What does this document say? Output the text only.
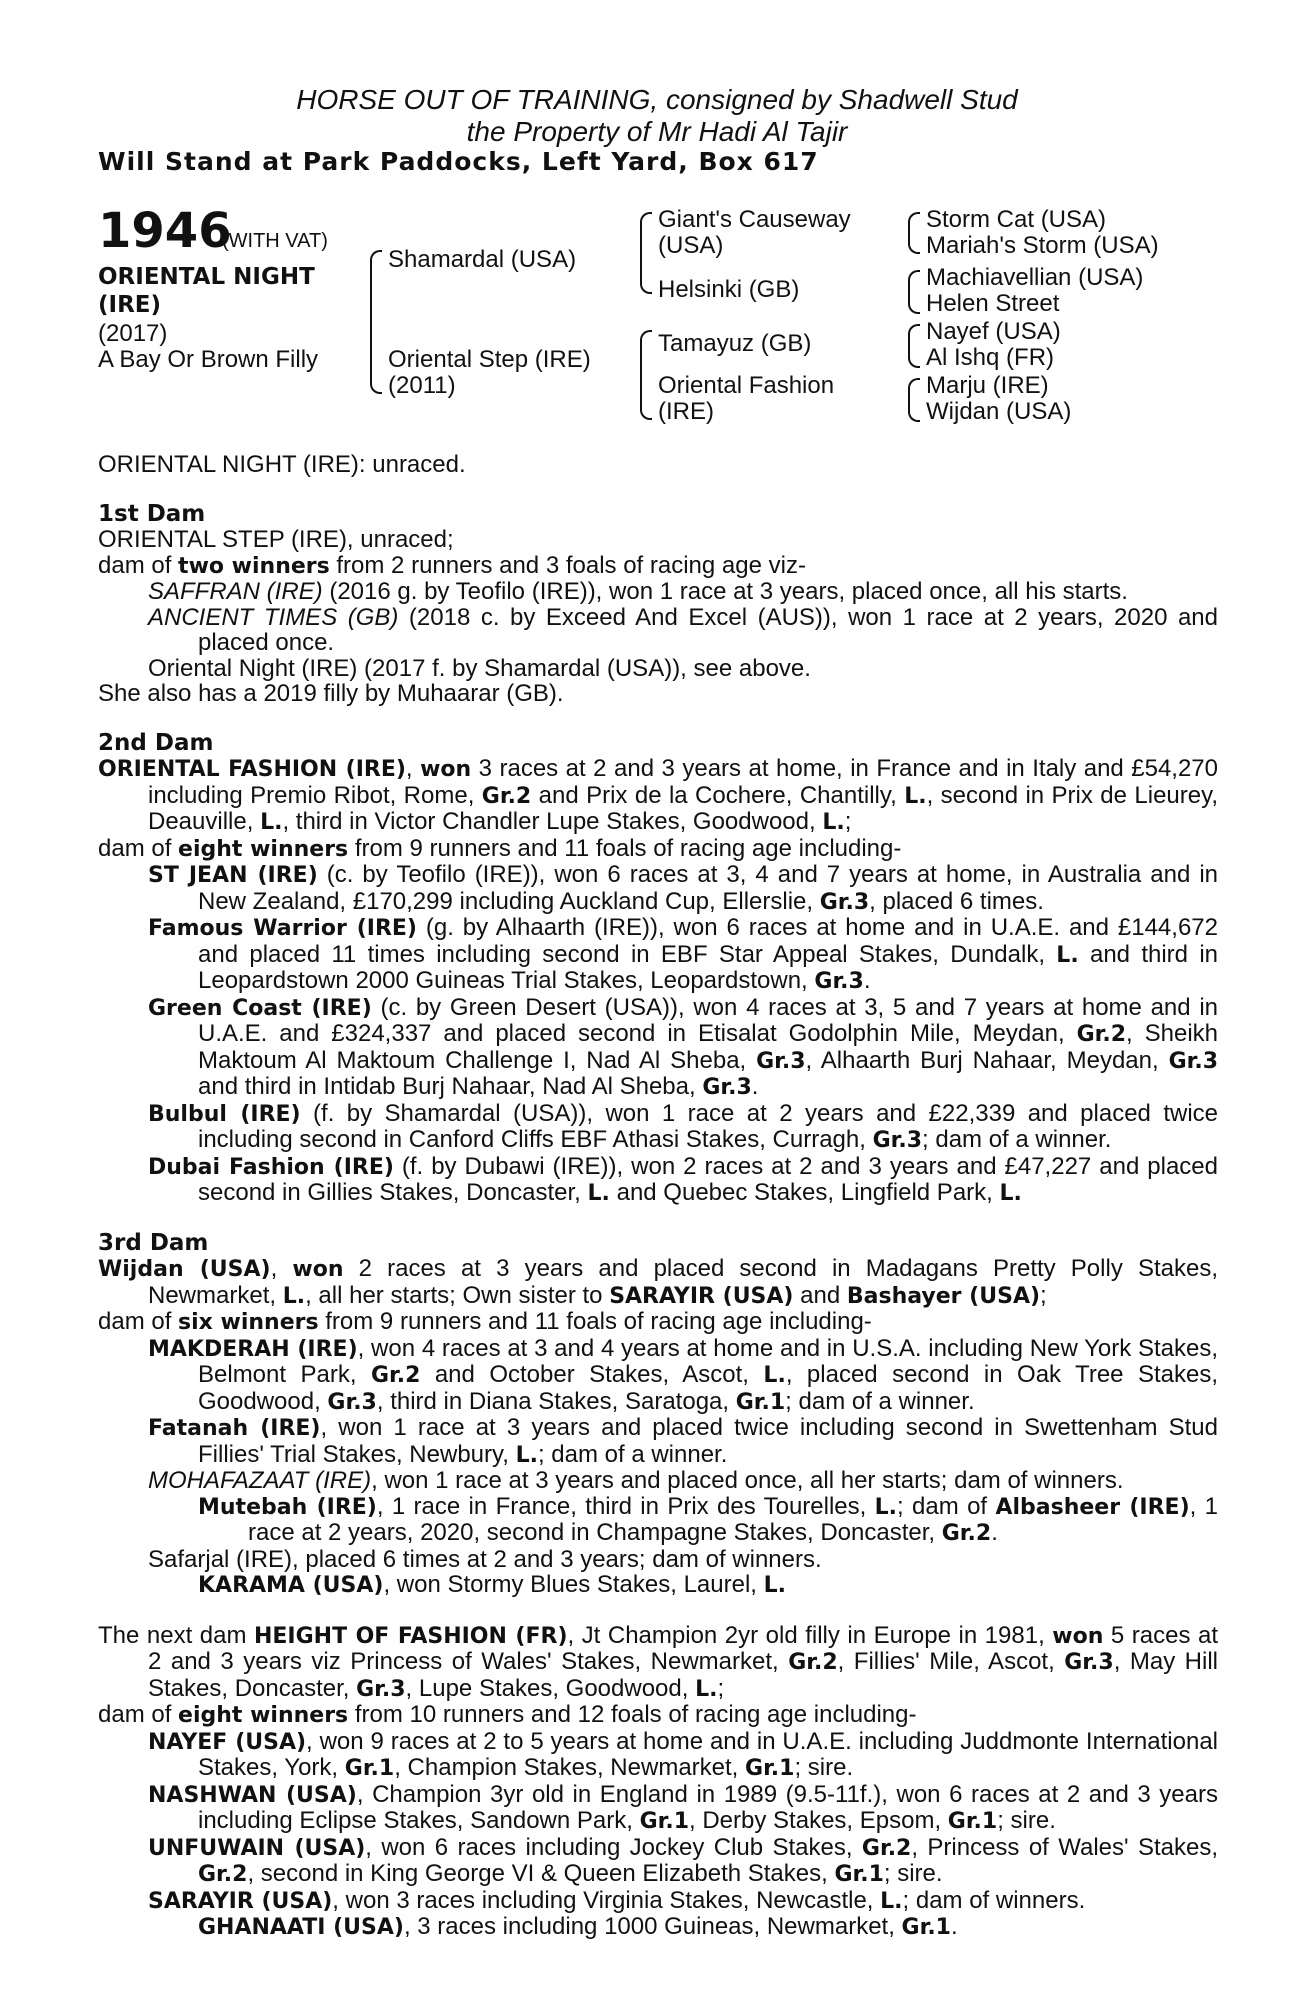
HORSE OUT OF TRAINING, consigned by Shadwell Stud
the Property of Mr Hadi Al Tajir
Will Stand at Park Paddocks, Left Yard, Box 617
1946
(WITH VAT)
ORIENTAL NIGHT
(IRE)
(2017)
A Bay Or Brown Filly
Shamardal (USA)
Oriental Step (IRE)
(2011)
Giant's Causeway
(USA)
Helsinki (GB)
Tamayuz (GB)
Oriental Fashion
(IRE)
Storm Cat (USA)
Mariah's Storm (USA)
Machiavellian (USA)
Helen Street
Nayef (USA)
Al Ishq (FR)
Marju (IRE)
Wijdan (USA)

ORIENTAL NIGHT (IRE): unraced.

1st Dam

ORIENTAL STEP (IRE), unraced;

dam of two winners from 2 runners and 3 foals of racing age viz-

SAFFRAN (IRE) (2016 g. by Teofilo (IRE)), won 1 race at 3 years, placed once, all his starts.

ANCIENT TIMES (GB) (2018 c. by Exceed And Excel (AUS)), won 1 race at 2 years, 2020 and placed once.

Oriental Night (IRE) (2017 f. by Shamardal (USA)), see above.

She also has a 2019 filly by Muhaarar (GB).

2nd Dam

ORIENTAL FASHION (IRE), won 3 races at 2 and 3 years at home, in France and in Italy and £54,270 including Premio Ribot, Rome, Gr.2 and Prix de la Cochere, Chantilly, L., second in Prix de Lieurey, Deauville, L., third in Victor Chandler Lupe Stakes, Goodwood, L.;

dam of eight winners from 9 runners and 11 foals of racing age including-

ST JEAN (IRE) (c. by Teofilo (IRE)), won 6 races at 3, 4 and 7 years at home, in Australia and in New Zealand, £170,299 including Auckland Cup, Ellerslie, Gr.3, placed 6 times.

Famous Warrior (IRE) (g. by Alhaarth (IRE)), won 6 races at home and in U.A.E. and £144,672 and placed 11 times including second in EBF Star Appeal Stakes, Dundalk, L. and third in Leopardstown 2000 Guineas Trial Stakes, Leopardstown, Gr.3.

Green Coast (IRE) (c. by Green Desert (USA)), won 4 races at 3, 5 and 7 years at home and in U.A.E. and £324,337 and placed second in Etisalat Godolphin Mile, Meydan, Gr.2, Sheikh Maktoum Al Maktoum Challenge I, Nad Al Sheba, Gr.3, Alhaarth Burj Nahaar, Meydan, Gr.3 and third in Intidab Burj Nahaar, Nad Al Sheba, Gr.3.

Bulbul (IRE) (f. by Shamardal (USA)), won 1 race at 2 years and £22,339 and placed twice including second in Canford Cliffs EBF Athasi Stakes, Curragh, Gr.3; dam of a winner.

Dubai Fashion (IRE) (f. by Dubawi (IRE)), won 2 races at 2 and 3 years and £47,227 and placed second in Gillies Stakes, Doncaster, L. and Quebec Stakes, Lingfield Park, L.

3rd Dam

Wijdan (USA), won 2 races at 3 years and placed second in Madagans Pretty Polly Stakes, Newmarket, L., all her starts; Own sister to SARAYIR (USA) and Bashayer (USA);

dam of six winners from 9 runners and 11 foals of racing age including-

MAKDERAH (IRE), won 4 races at 3 and 4 years at home and in U.S.A. including New York Stakes, Belmont Park, Gr.2 and October Stakes, Ascot, L., placed second in Oak Tree Stakes, Goodwood, Gr.3, third in Diana Stakes, Saratoga, Gr.1; dam of a winner.

Fatanah (IRE), won 1 race at 3 years and placed twice including second in Swettenham Stud Fillies' Trial Stakes, Newbury, L.; dam of a winner.

MOHAFAZAAT (IRE), won 1 race at 3 years and placed once, all her starts; dam of winners.

Mutebah (IRE), 1 race in France, third in Prix des Tourelles, L.; dam of Albasheer (IRE), 1 race at 2 years, 2020, second in Champagne Stakes, Doncaster, Gr.2.

Safarjal (IRE), placed 6 times at 2 and 3 years; dam of winners.

KARAMA (USA), won Stormy Blues Stakes, Laurel, L.

The next dam HEIGHT OF FASHION (FR), Jt Champion 2yr old filly in Europe in 1981, won 5 races at 2 and 3 years viz Princess of Wales' Stakes, Newmarket, Gr.2, Fillies' Mile, Ascot, Gr.3, May Hill Stakes, Doncaster, Gr.3, Lupe Stakes, Goodwood, L.;

dam of eight winners from 10 runners and 12 foals of racing age including-

NAYEF (USA), won 9 races at 2 to 5 years at home and in U.A.E. including Juddmonte International Stakes, York, Gr.1, Champion Stakes, Newmarket, Gr.1; sire.

NASHWAN (USA), Champion 3yr old in England in 1989 (9.5-11f.), won 6 races at 2 and 3 years including Eclipse Stakes, Sandown Park, Gr.1, Derby Stakes, Epsom, Gr.1; sire.

UNFUWAIN (USA), won 6 races including Jockey Club Stakes, Gr.2, Princess of Wales' Stakes, Gr.2, second in King George VI & Queen Elizabeth Stakes, Gr.1; sire.

SARAYIR (USA), won 3 races including Virginia Stakes, Newcastle, L.; dam of winners.

GHANAATI (USA), 3 races including 1000 Guineas, Newmarket, Gr.1.
